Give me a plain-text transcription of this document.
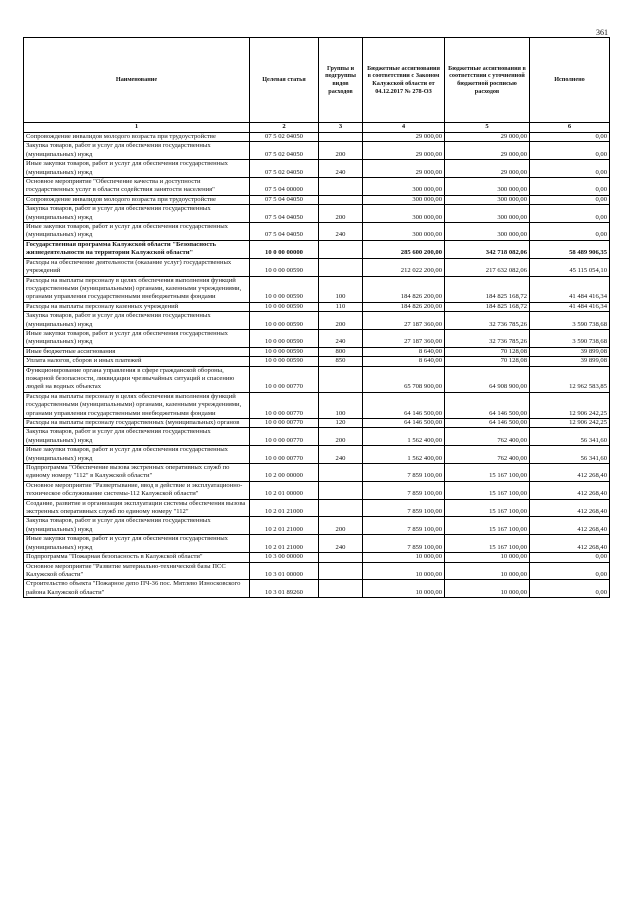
361
Наименование	Целевая статья	Группы и подгруппы видов расходов	Бюджетные ассигнования в соответствии с Законом Калужской области от 04.12.2017 № 278-ОЗ	Бюджетные ассигнования в соответствии с уточненной бюджетной росписью расходов	Исполнено
1	2	3	4	5	6
Сопровождение инвалидов молодого возраста при трудоустройстве	07 5 02 04050		29 000,00	29 000,00	0,00
Закупка товаров, работ и услуг для обеспечения государственных (муниципальных) нужд	07 5 02 04050	200	29 000,00	29 000,00	0,00
Иные закупки товаров, работ и услуг для обеспечения государственных (муниципальных) нужд	07 5 02 04050	240	29 000,00	29 000,00	0,00
Основное мероприятие "Обеспечение качества и доступности государственных услуг в области содействия занятости населения"	07 5 04 00000		300 000,00	300 000,00	0,00
Сопровождение инвалидов молодого возраста при трудоустройстве	07 5 04 04050		300 000,00	300 000,00	0,00
Закупка товаров, работ и услуг для обеспечения государственных (муниципальных) нужд	07 5 04 04050	200	300 000,00	300 000,00	0,00
Иные закупки товаров, работ и услуг для обеспечения государственных (муниципальных) нужд	07 5 04 04050	240	300 000,00	300 000,00	0,00
Государственная программа Калужской области "Безопасность жизнедеятельности на территории Калужской области"	10 0 00 00000		285 600 200,00	342 718 082,06	58 489 906,35
Расходы на обеспечение деятельности (оказание услуг) государственных учреждений	10 0 00 00590		212 022 200,00	217 632 082,06	45 115 054,10
Расходы на выплаты персоналу в целях обеспечения выполнения функций государственными (муниципальными) органами, казенными учреждениями, органами управления государственными внебюджетными фондами	10 0 00 00590	100	184 826 200,00	184 825 168,72	41 484 416,34
Расходы на выплаты персоналу казенных учреждений	10 0 00 00590	110	184 826 200,00	184 825 168,72	41 484 416,34
Закупка товаров, работ и услуг для обеспечения государственных (муниципальных) нужд	10 0 00 00590	200	27 187 360,00	32 736 785,26	3 590 738,68
Иные закупки товаров, работ и услуг для обеспечения государственных (муниципальных) нужд	10 0 00 00590	240	27 187 360,00	32 736 785,26	3 590 738,68
Иные бюджетные ассигнования	10 0 00 00590	800	8 640,00	70 128,08	39 899,08
Уплата налогов, сборов и иных платежей	10 0 00 00590	850	8 640,00	70 128,08	39 899,08
Функционирование органа управления в сфере гражданской обороны, пожарной безопасности, ликвидации чрезвычайных ситуаций и спасению людей на водных объектах	10 0 00 00770		65 708 900,00	64 908 900,00	12 962 583,85
Расходы на выплаты персоналу в целях обеспечения выполнения функций государственными (муниципальными) органами, казенными учреждениями, органами управления государственными внебюджетными фондами	10 0 00 00770	100	64 146 500,00	64 146 500,00	12 906 242,25
Расходы на выплаты персоналу государственных (муниципальных) органов	10 0 00 00770	120	64 146 500,00	64 146 500,00	12 906 242,25
Закупка товаров, работ и услуг для обеспечения государственных (муниципальных) нужд	10 0 00 00770	200	1 562 400,00	762 400,00	56 341,60
Иные закупки товаров, работ и услуг для обеспечения государственных (муниципальных) нужд	10 0 00 00770	240	1 562 400,00	762 400,00	56 341,60
Подпрограмма "Обеспечение вызова экстренных оперативных служб по единому номеру "112" в Калужской области"	10 2 00 00000		7 859 100,00	15 167 100,00	412 268,40
Основное мероприятие "Развертывание, ввод в действие и эксплуатационно-техническое обслуживание системы-112 Калужской области"	10 2 01 00000		7 859 100,00	15 167 100,00	412 268,40
Создание, развитие и организация эксплуатации системы обеспечения вызова экстренных оперативных служб по единому номеру "112"	10 2 01 21000		7 859 100,00	15 167 100,00	412 268,40
Закупка товаров, работ и услуг для обеспечения государственных (муниципальных) нужд	10 2 01 21000	200	7 859 100,00	15 167 100,00	412 268,40
Иные закупки товаров, работ и услуг для обеспечения государственных (муниципальных) нужд	10 2 01 21000	240	7 859 100,00	15 167 100,00	412 268,40
Подпрограмма "Пожарная безопасность в Калужской области"	10 3 00 00000		10 000,00	10 000,00	0,00
Основное мероприятие "Развитие материально-технической базы ПСС Калужской области"	10 3 01 00000		10 000,00	10 000,00	0,00
Строительство объекта "Пожарное депо ПЧ-36 пос. Мятлево Износковского района Калужской области"	10 3 01 89260		10 000,00	10 000,00	0,00
